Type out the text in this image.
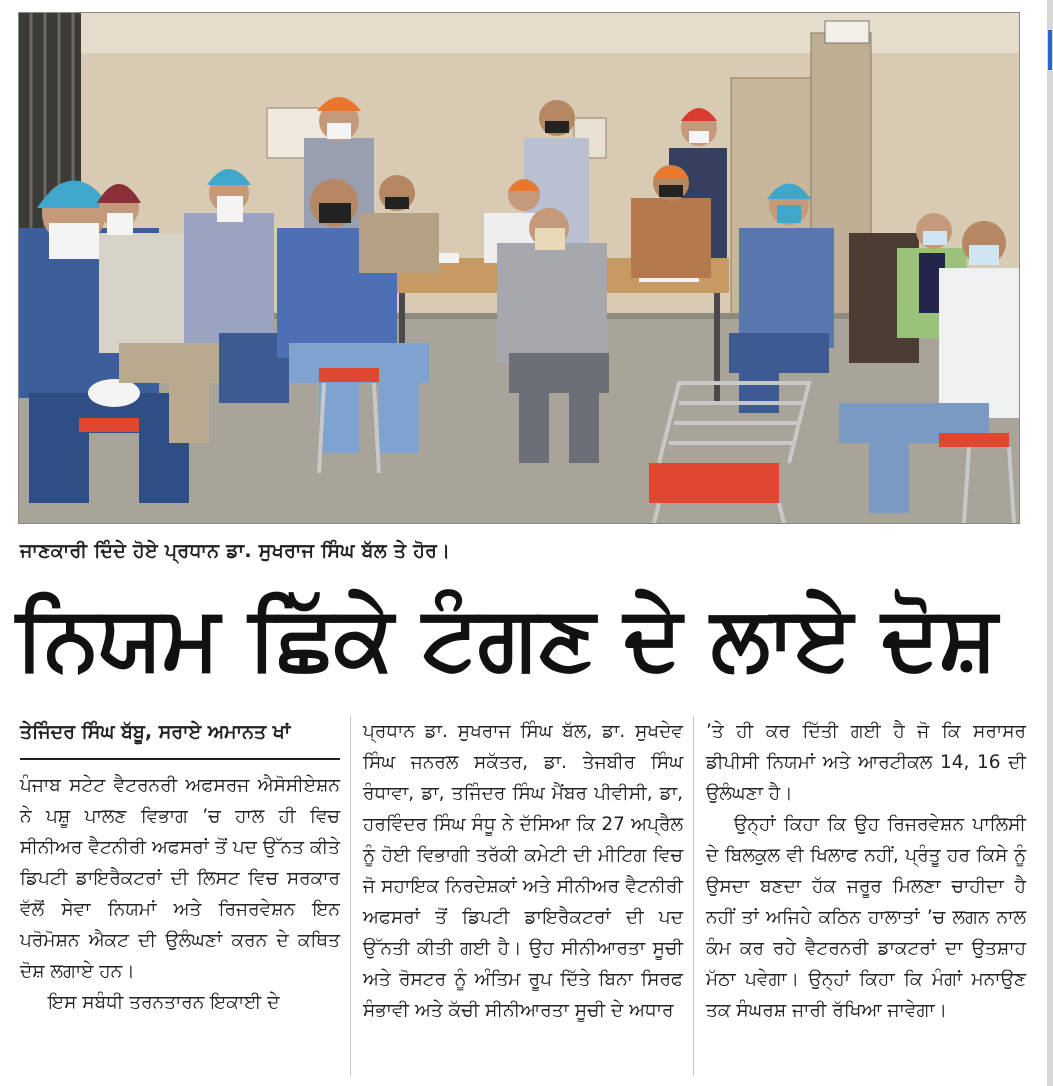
ਜਾਣਕਾਰੀ ਦਿੰਦੇ ਹੋਏ ਪ੍ਰਧਾਨ ਡਾ. ਸੁਖਰਾਜ ਸਿੰਘ ਬੱਲ ਤੇ ਹੋਰ।
ਨਿਯਮ ਛਿੱਕੇ ਟੰਗਣ ਦੇ ਲਾਏ ਦੋਸ਼
ਤੇਜਿੰਦਰ ਸਿੰਘ ਬੱਬੂ, ਸਰਾਏ ਅਮਾਨਤ ਖਾਂ

ਪੰਜਾਬ ਸਟੇਟ ਵੈਟਰਨਰੀ ਅਫਸਰਜ ਐਸੋਸੀਏਸ਼ਨ ਨੇ ਪਸ਼ੂ ਪਾਲਣ ਵਿਭਾਗ ’ਚ ਹਾਲ ਹੀ ਵਿਚ ਸੀਨੀਅਰ ਵੈਟਨੀਰੀ ਅਫਸਰਾਂ ਤੋਂ ਪਦ ਉੱਨਤ ਕੀਤੇ ਡਿਪਟੀ ਡਾਇਰੈਕਟਰਾਂ ਦੀ ਲਿਸਟ ਵਿਚ ਸਰਕਾਰ ਵੱਲੋਂ ਸੇਵਾ ਨਿਯਮਾਂ ਅਤੇ ਰਿਜਰਵੇਸ਼ਨ ਇਨ ਪਰੋਮੋਸ਼ਨ ਐਕਟ ਦੀ ਉਲੰਘਣਾਂ ਕਰਨ ਦੇ ਕਥਿਤ ਦੋਸ਼ ਲਗਾਏ ਹਨ।

ਇਸ ਸਬੰਧੀ ਤਰਨਤਾਰਨ ਇਕਾਈ ਦੇ

ਪ੍ਰਧਾਨ ਡਾ. ਸੁਖਰਾਜ ਸਿੰਘ ਬੱਲ, ਡਾ. ਸੁਖਦੇਵ ਸਿੰਘ ਜਨਰਲ ਸਕੱਤਰ, ਡਾ. ਤੇਜਬੀਰ ਸਿੰਘ ਰੰਧਾਵਾ, ਡਾ, ਤਜਿੰਦਰ ਸਿੰਘ ਮੈਂਬਰ ਪੀਵੀਸੀ, ਡਾ, ਹਰਵਿੰਦਰ ਸਿੰਘ ਸੰਧੂ ਨੇ ਦੱਸਿਆ ਕਿ 27 ਅਪ੍ਰੈਲ ਨੂੰ ਹੋਈ ਵਿਭਾਗੀ ਤਰੱਕੀ ਕਮੇਟੀ ਦੀ ਮੀਟਿਗ ਵਿਚ ਜੋ ਸਹਾਇਕ ਨਿਰਦੇਸ਼ਕਾਂ ਅਤੇ ਸੀਨੀਅਰ ਵੈਟਨੀਰੀ ਅਫਸਰਾਂ ਤੋਂ ਡਿਪਟੀ ਡਾਇਰੈਕਟਰਾਂ ਦੀ ਪਦ ਉੱਨਤੀ ਕੀਤੀ ਗਈ ਹੈ। ਉਹ ਸੀਨੀਆਰਤਾ ਸੂਚੀ ਅਤੇ ਰੋਸਟਰ ਨੂੰ ਅੰਤਿਮ ਰੂਪ ਦਿੱਤੇ ਬਿਨਾ ਸਿਰਫ ਸੰਭਾਵੀ ਅਤੇ ਕੱਚੀ ਸੀਨੀਆਰਤਾ ਸੂਚੀ ਦੇ ਅਧਾਰ

’ਤੇ ਹੀ ਕਰ ਦਿੱਤੀ ਗਈ ਹੈ ਜੋ ਕਿ ਸਰਾਸਰ ਡੀਪੀਸੀ ਨਿਯਮਾਂ ਅਤੇ ਆਰਟੀਕਲ 14, 16 ਦੀ ਉਲੰਘਣਾ ਹੈ।

ਉਨ੍ਹਾਂ ਕਿਹਾ ਕਿ ਉਹ ਰਿਜਰਵੇਸ਼ਨ ਪਾਲਿਸੀ ਦੇ ਬਿਲਕੁਲ ਵੀ ਖਿਲਾਫ ਨਹੀਂ, ਪ੍ਰੰਤੂ ਹਰ ਕਿਸੇ ਨੂੰ ਉਸਦਾ ਬਣਦਾ ਹੱਕ ਜਰੂਰ ਮਿਲਣਾ ਚਾਹੀਦਾ ਹੈ ਨਹੀਂ ਤਾਂ ਅਜਿਹੇ ਕਠਿਨ ਹਾਲਾਤਾਂ ’ਚ ਲਗਨ ਨਾਲ ਕੰਮ ਕਰ ਰਹੇ ਵੈਟਰਨਰੀ ਡਾਕਟਰਾਂ ਦਾ ਉਤਸ਼ਾਹ ਮੱਠਾ ਪਵੇਗਾ। ਉਨ੍ਹਾਂ ਕਿਹਾ ਕਿ ਮੰਗਾਂ ਮਨਾਉਣ ਤਕ ਸੰਘਰਸ਼ ਜਾਰੀ ਰੱਖਿਆ ਜਾਵੇਗਾ।
